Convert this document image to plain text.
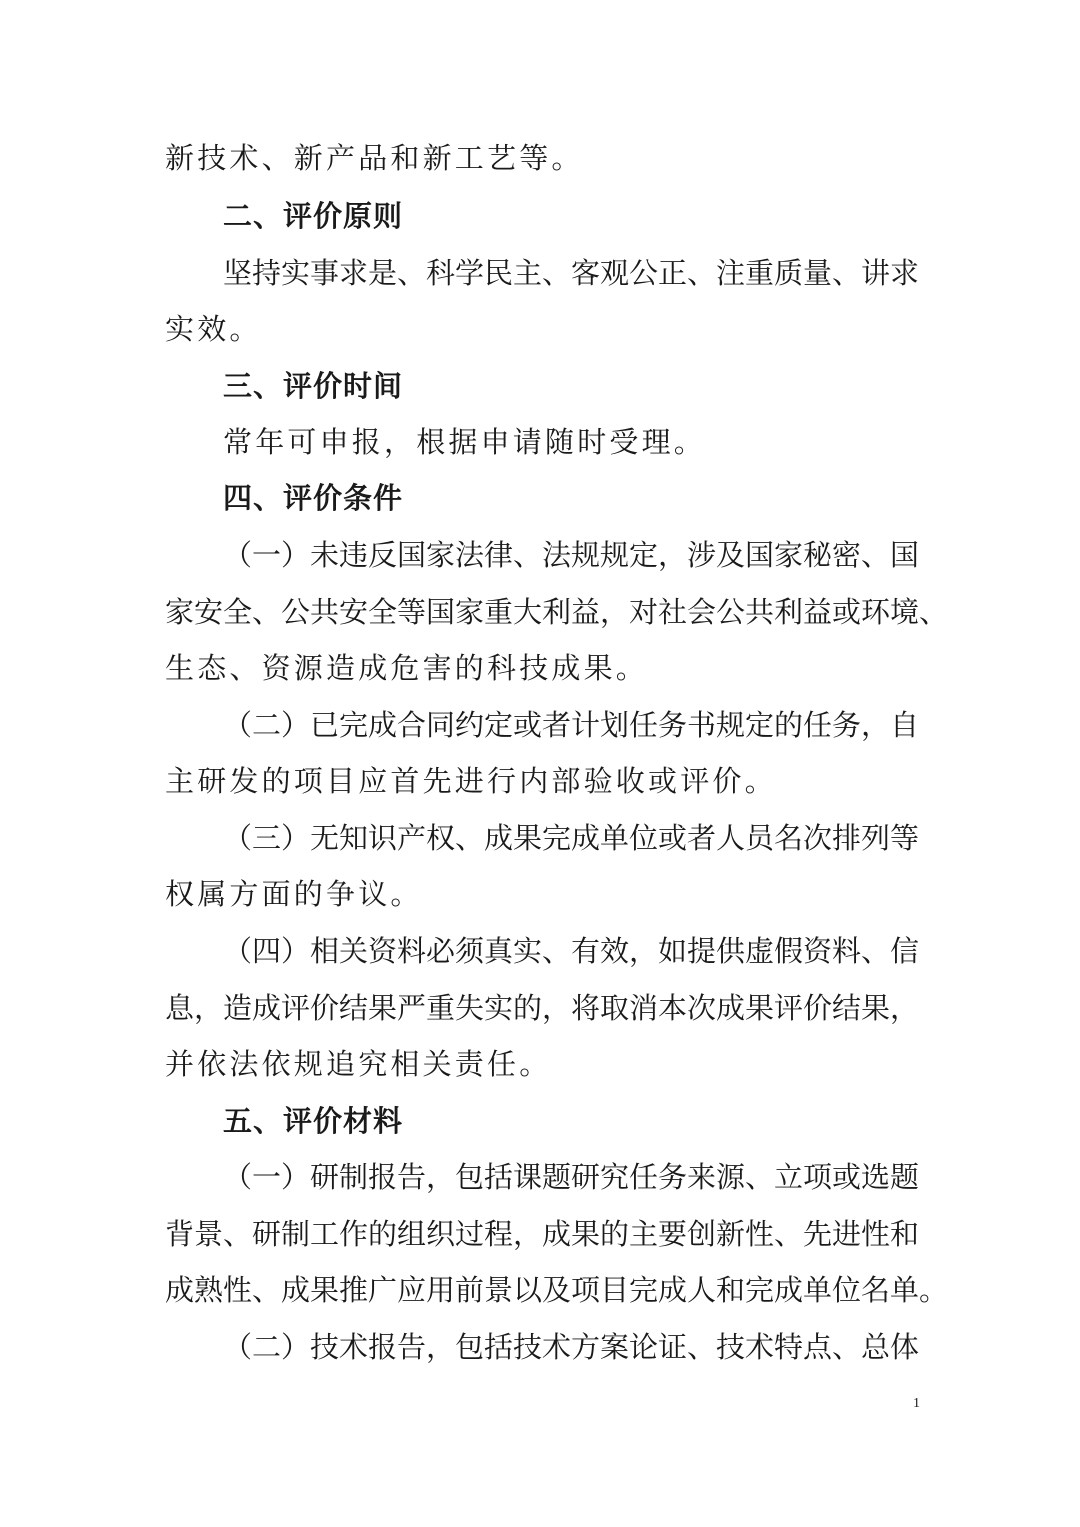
新技术、新产品和新工艺等。
二、评价原则
坚持实事求是、科学民主、客观公正、注重质量、讲求
实效。
三、评价时间
常年可申报，根据申请随时受理。
四、评价条件
（一）未违反国家法律、法规规定，涉及国家秘密、国
家安全、公共安全等国家重大利益，对社会公共利益或环境、
生态、资源造成危害的科技成果。
（二）已完成合同约定或者计划任务书规定的任务，自
主研发的项目应首先进行内部验收或评价。
（三）无知识产权、成果完成单位或者人员名次排列等
权属方面的争议。
（四）相关资料必须真实、有效，如提供虚假资料、信
息，造成评价结果严重失实的，将取消本次成果评价结果，
并依法依规追究相关责任。
五、评价材料
（一）研制报告，包括课题研究任务来源、立项或选题
背景、研制工作的组织过程，成果的主要创新性、先进性和
成熟性、成果推广应用前景以及项目完成人和完成单位名单。
（二）技术报告，包括技术方案论证、技术特点、总体
1
